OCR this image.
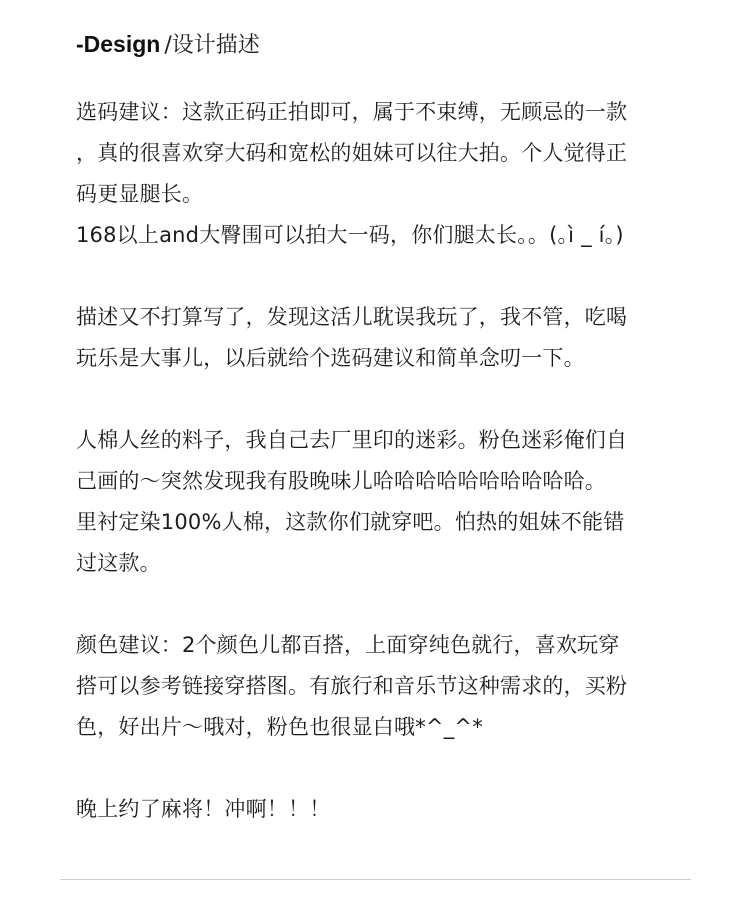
-Design /设计描述
选码建议：这款正码正拍即可，属于不束缚，无顾忌的一款
，真的很喜欢穿大码和宽松的姐妹可以往大拍。个人觉得正
码更显腿长。
168以上and大臀围可以拍大一码，你们腿太长。。(｡ì _ í｡)
描述又不打算写了，发现这活儿耽误我玩了，我不管，吃喝
玩乐是大事儿，以后就给个选码建议和简单念叨一下。
人棉人丝的料子，我自己去厂里印的迷彩。粉色迷彩俺们自
己画的～突然发现我有股晚味儿哈哈哈哈哈哈哈哈哈哈。
里衬定染100%人棉，这款你们就穿吧。怕热的姐妹不能错
过这款。
颜色建议：2个颜色儿都百搭，上面穿纯色就行，喜欢玩穿
搭可以参考链接穿搭图。有旅行和音乐节这种需求的，买粉
色，好出片～哦对，粉色也很显白哦*^_^*
晚上约了麻将！冲啊！！！
